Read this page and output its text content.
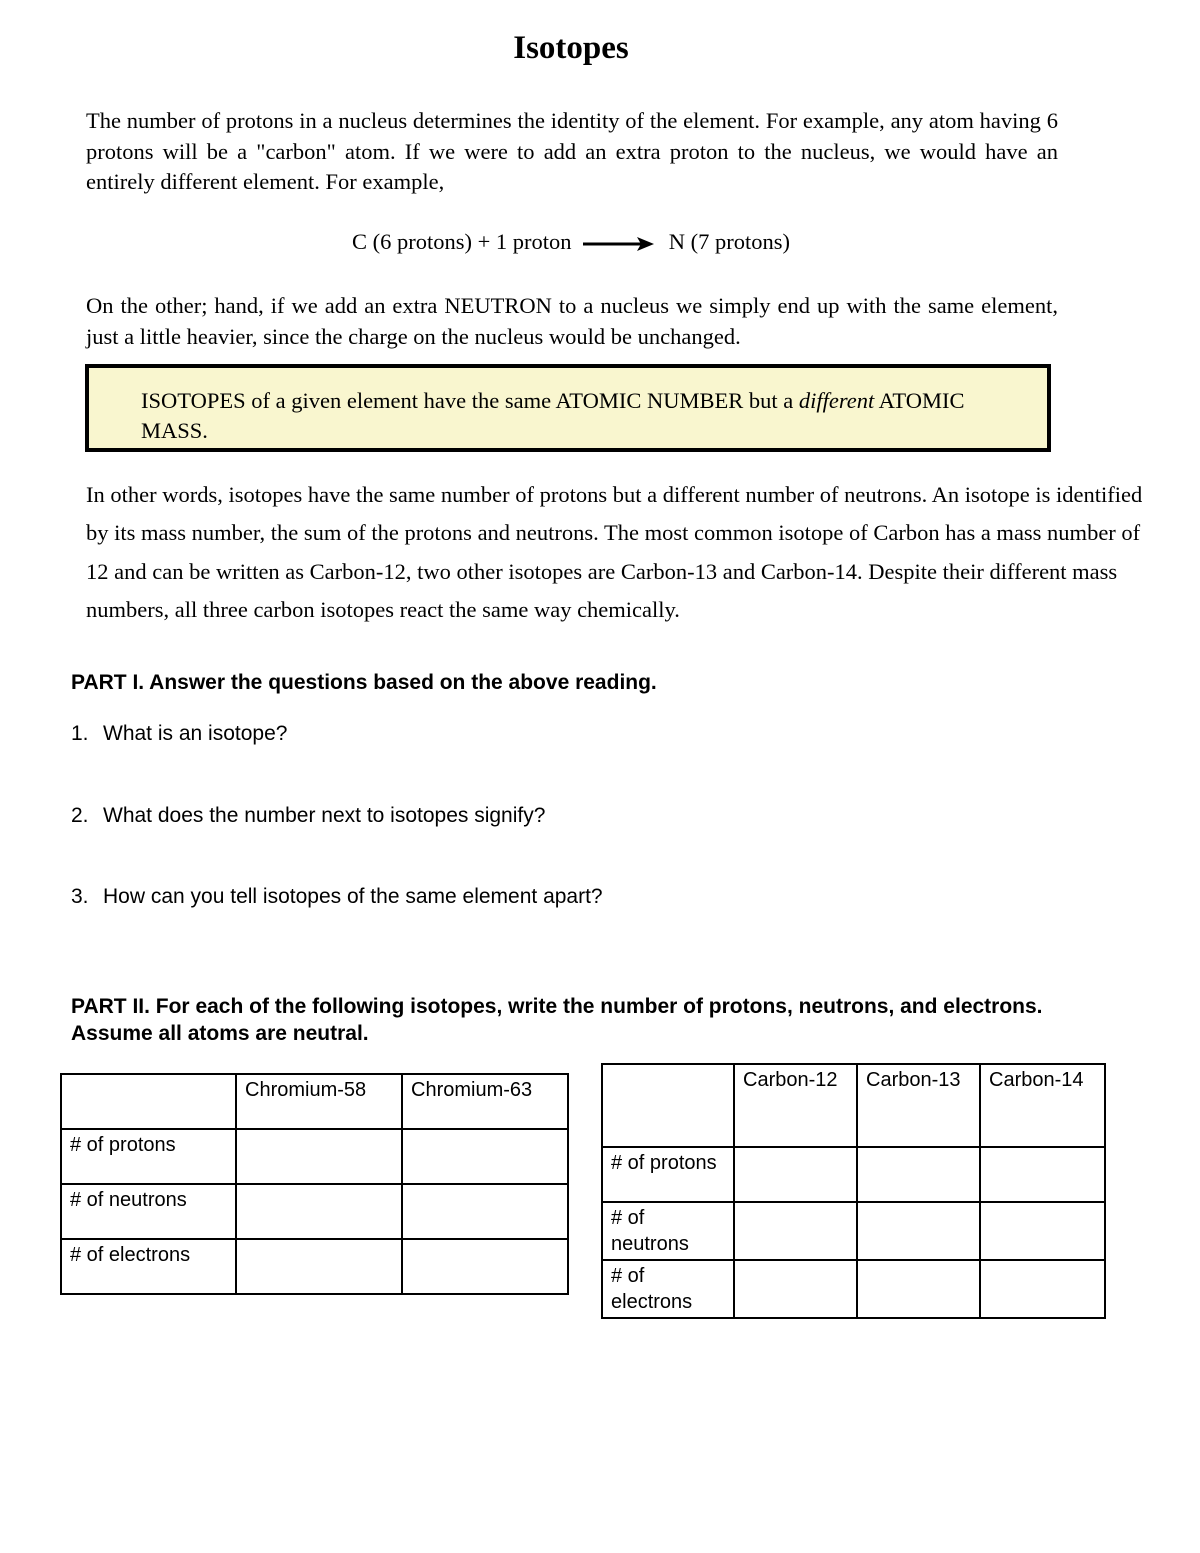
Isotopes
The number of protons in a nucleus determines the identity of the element. For example, any atom having 6 protons will be a "carbon" atom. If we were to add an extra proton to the nucleus, we would have an entirely different element. For example,
C (6 protons) + 1 proton	N (7 protons)
On the other; hand, if we add an extra NEUTRON to a nucleus we simply end up with the same element, just a little heavier, since the charge on the nucleus would be unchanged.
ISOTOPES of a given element have the same ATOMIC NUMBER but a different ATOMIC MASS.
In other words, isotopes have the same number of protons but a different number of neutrons. An isotope is identified by its mass number, the sum of the protons and neutrons. The most common isotope of Carbon has a mass number of 12 and can be written as Carbon-12, two other isotopes are Carbon-13 and Carbon-14. Despite their different mass numbers, all three carbon isotopes react the same way chemically.
PART I. Answer the questions based on the above reading.
1. What is an isotope?
2. What does the number next to isotopes signify?
3. How can you tell isotopes of the same element apart?
PART II. For each of the following isotopes, write the number of protons, neutrons, and electrons. Assume all atoms are neutral.
	Chromium-58	Chromium-63
# of protons		
# of neutrons		
# of electrons		
	Carbon-12	Carbon-13	Carbon-14
# of protons			
# of neutrons			
# of electrons			
